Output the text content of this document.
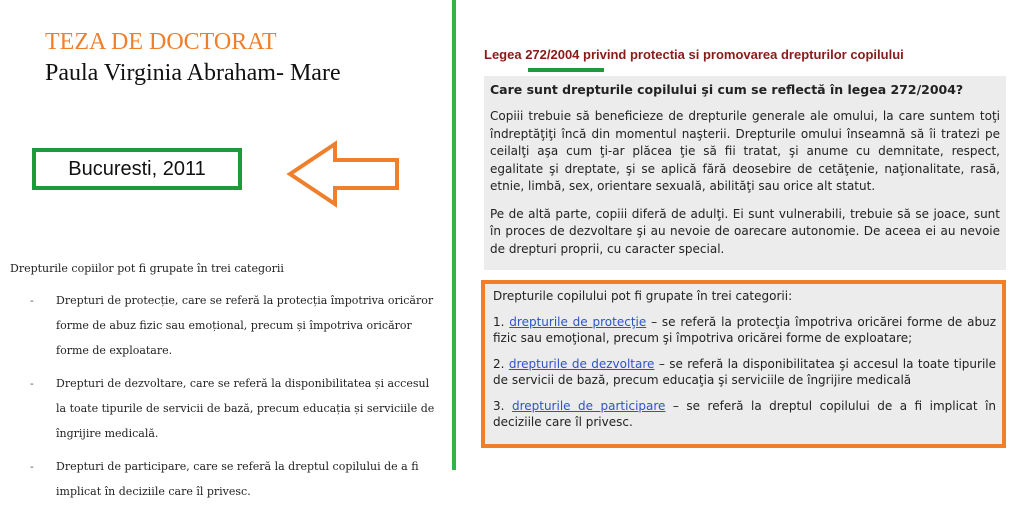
TEZA DE DOCTORAT
Paula Virginia Abraham- Mare
Bucuresti, 2011
Drepturile copiilor pot fi grupate în trei categorii
- Drepturi de protecție, care se referă la protecția împotriva oricăror forme de abuz fizic sau emoțional, precum și împotriva oricăror forme de exploatare.
- Drepturi de dezvoltare, care se referă la disponibilitatea și accesul la toate tipurile de servicii de bază, precum educația și serviciile de îngrijire medicală.
- Drepturi de participare, care se referă la dreptul copilului de a fi implicat în deciziile care îl privesc.
Legea 272/2004 privind protectia si promovarea drepturilor copilului
Care sunt drepturile copilului şi cum se reflectă în legea 272/2004?

Copiii trebuie să beneficieze de drepturile generale ale omului, la care suntem toţi îndreptăţiţi încă din momentul naşterii. Drepturile omului înseamnă să îi tratezi pe ceilalţi aşa cum ţi-ar plăcea ţie să fii tratat, şi anume cu demnitate, respect, egalitate şi dreptate, şi se aplică fără deosebire de cetăţenie, naţionalitate, rasă, etnie, limbă, sex, orientare sexuală, abilităţi sau orice alt statut.

Pe de altă parte, copiii diferă de adulţi. Ei sunt vulnerabili, trebuie să se joace, sunt în proces de dezvoltare şi au nevoie de oarecare autonomie. De aceea ei au nevoie de drepturi proprii, cu caracter special.

Drepturile copilului pot fi grupate în trei categorii:

1. drepturile de protecţie – se referă la protecţia împotriva oricărei forme de abuz fizic sau emoţional, precum şi împotriva oricărei forme de exploatare;

2. drepturile de dezvoltare – se referă la disponibilitatea şi accesul la toate tipurile de servicii de bază, precum educaţia şi serviciile de îngrijire medicală

3. drepturile de participare – se referă la dreptul copilului de a fi implicat în deciziile care îl privesc.
